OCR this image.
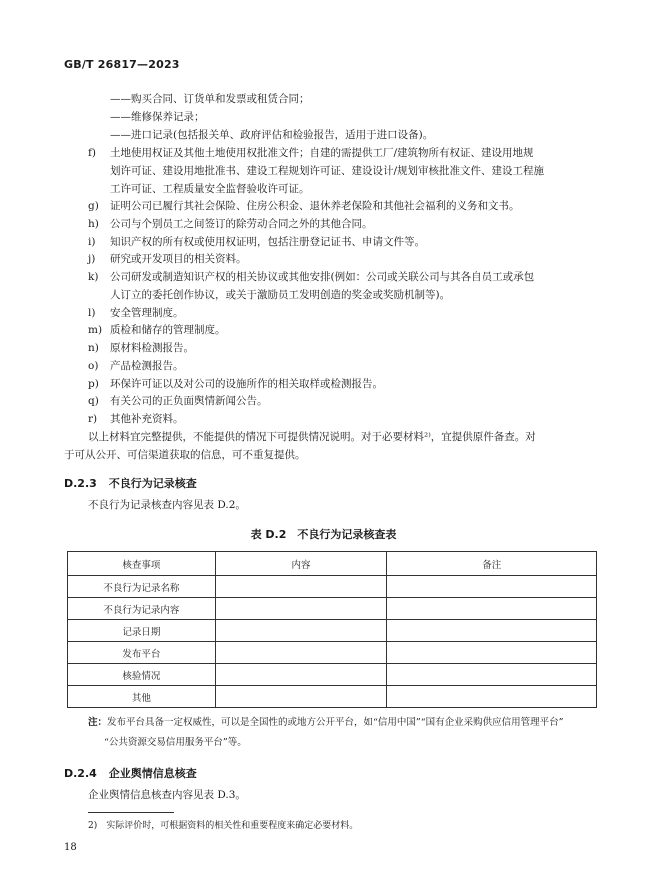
GB/T 26817—2023
——购买合同、订货单和发票或租赁合同；
——维修保养记录；
——进口记录(包括报关单、政府评估和检验报告，适用于进口设备)。
f) 土地使用权证及其他土地使用权批准文件；自建的需提供工厂/建筑物所有权证、建设用地规
划许可证、建设用地批准书、建设工程规划许可证、建设设计/规划审核批准文件、建设工程施
工许可证、工程质量安全监督验收许可证。
g) 证明公司已履行其社会保险、住房公积金、退休养老保险和其他社会福利的义务和文书。
h) 公司与个别员工之间签订的除劳动合同之外的其他合同。
i) 知识产权的所有权或使用权证明，包括注册登记证书、申请文件等。
j) 研究或开发项目的相关资料。
k) 公司研发或制造知识产权的相关协议或其他安排(例如：公司或关联公司与其各自员工或承包
人订立的委托创作协议，或关于激励员工发明创造的奖金或奖励机制等)。
l) 安全管理制度。
m) 质检和储存的管理制度。
n) 原材料检测报告。
o) 产品检测报告。
p) 环保许可证以及对公司的设施所作的相关取样或检测报告。
q) 有关公司的正负面舆情新闻公告。
r) 其他补充资料。
以上材料宜完整提供，不能提供的情况下可提供情况说明。对于必要材料²⁾，宜提供原件备查。对
于可从公开、可信渠道获取的信息，可不重复提供。
D.2.3 不良行为记录核查
不良行为记录核查内容见表 D.2。
表 D.2　不良行为记录核查表
核查事项	内容	备注
不良行为记录名称		
不良行为记录内容		
记录日期		
发布平台		
核验情况		
其他		
注：发布平台具备一定权威性，可以是全国性的或地方公开平台，如“信用中国”“国有企业采购供应信用管理平台”
“公共资源交易信用服务平台”等。
D.2.4 企业舆情信息核查
企业舆情信息核查内容见表 D.3。
2)　实际评价时，可根据资料的相关性和重要程度来确定必要材料。
18
